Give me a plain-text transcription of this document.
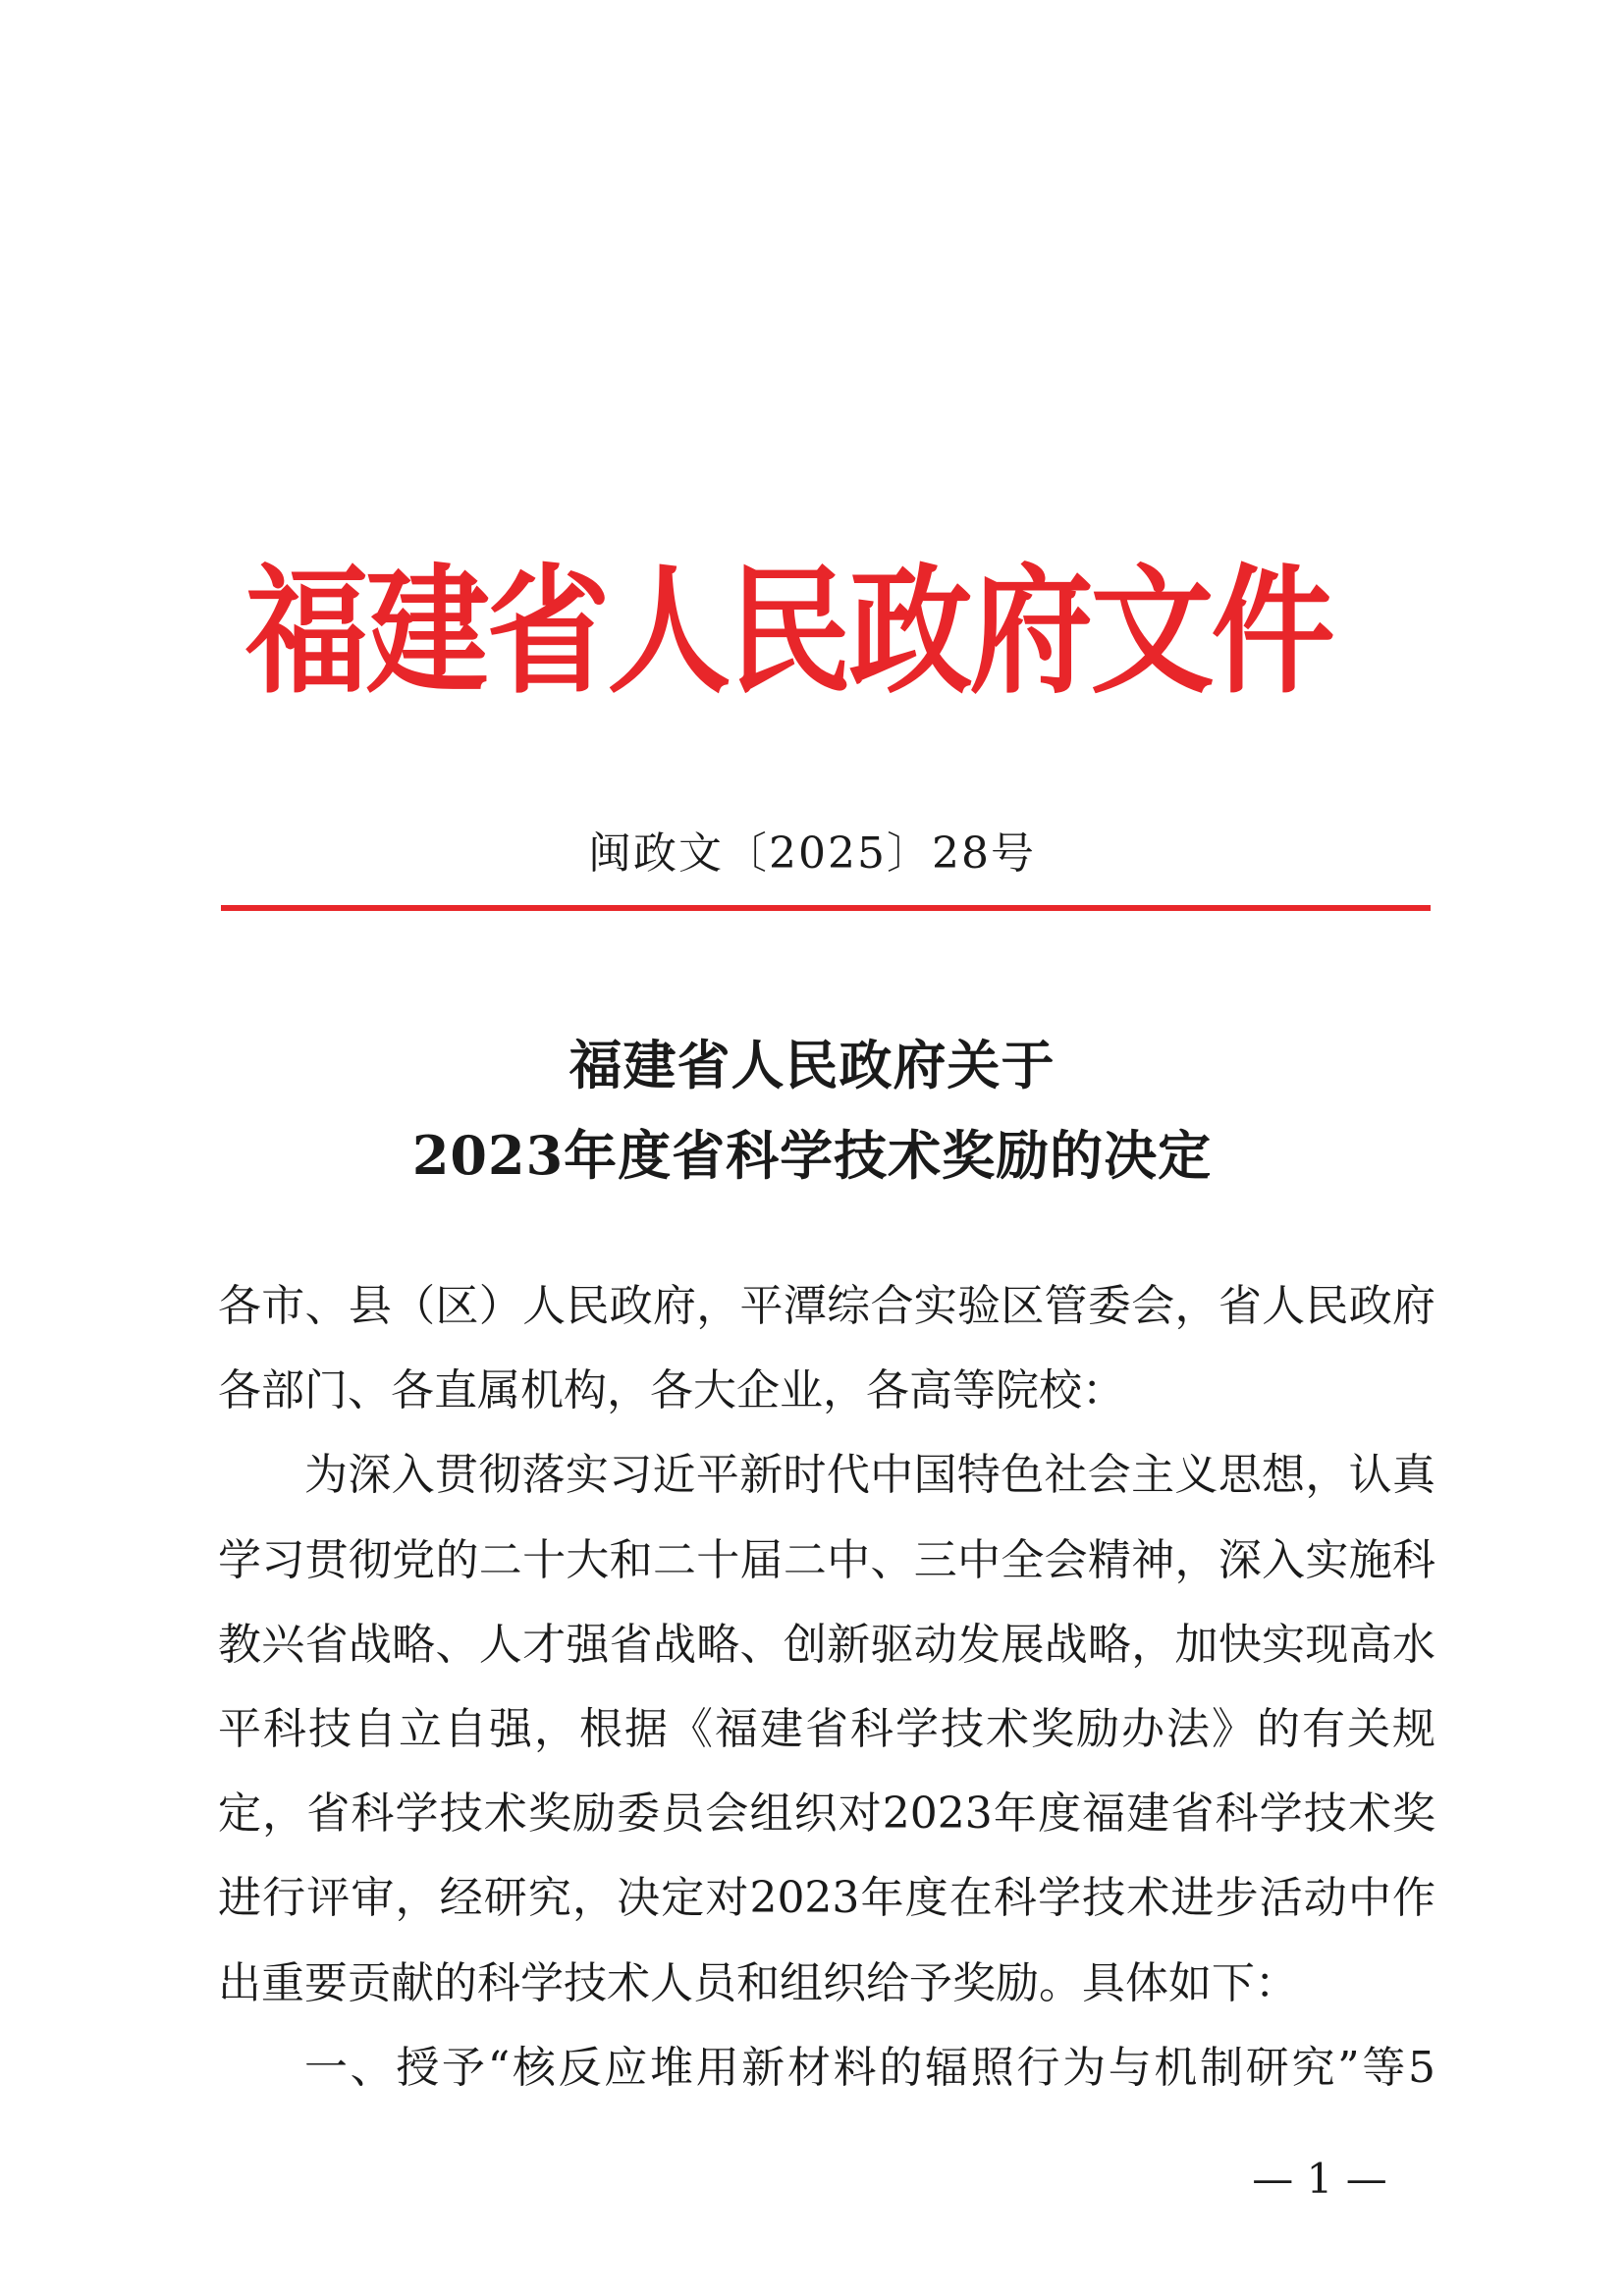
福建省人民政府文件
闽政文〔2025〕28号
福建省人民政府关于
2023年度省科学技术奖励的决定

各市、县（区）人民政府，平潭综合实验区管委会，省人民政府各部门、各直属机构，各大企业，各高等院校：

为深入贯彻落实习近平新时代中国特色社会主义思想，认真学习贯彻党的二十大和二十届二中、三中全会精神，深入实施科教兴省战略、人才强省战略、创新驱动发展战略，加快实现高水平科技自立自强，根据《福建省科学技术奖励办法》的有关规定，省科学技术奖励委员会组织对2023年度福建省科学技术奖进行评审，经研究，决定对2023年度在科学技术进步活动中作出重要贡献的科学技术人员和组织给予奖励。具体如下：

一、授予“核反应堆用新材料的辐照行为与机制研究”等5

— 1 —
